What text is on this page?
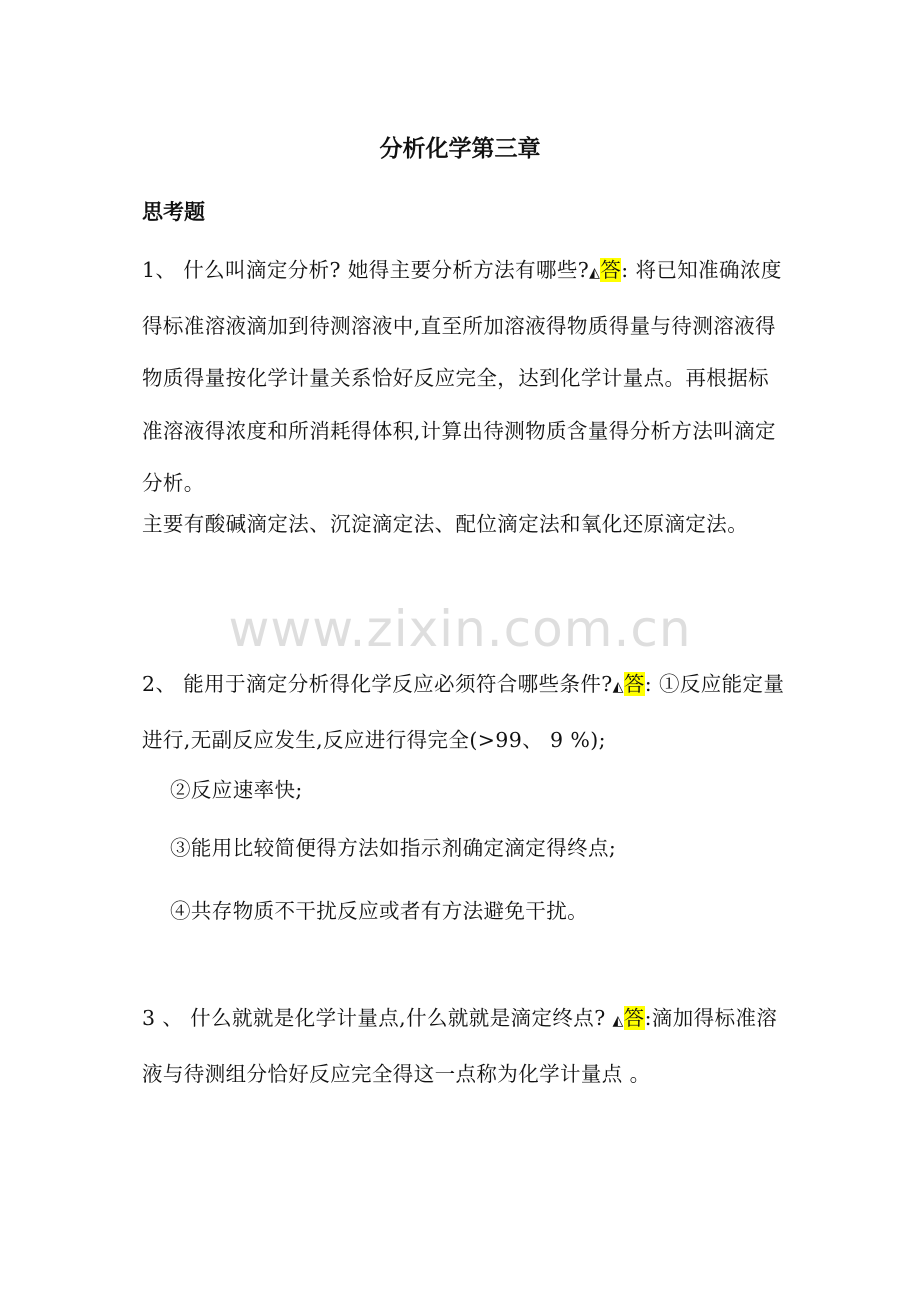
分析化学第三章
思考题
1、 什么叫滴定分析? 她得主要分析方法有哪些?◭答: 将已知准确浓度得标准溶液滴加到待测溶液中,直至所加溶液得物质得量与待测溶液得物质得量按化学计量关系恰好反应完全，达到化学计量点。再根据标准溶液得浓度和所消耗得体积,计算出待测物质含量得分析方法叫滴定分析。
主要有酸碱滴定法、沉淀滴定法、配位滴定法和氧化还原滴定法。
www.zixin.com.cn
2、 能用于滴定分析得化学反应必须符合哪些条件?◭答: ①反应能定量进行,无副反应发生,反应进行得完全(>99、 9 %);
②反应速率快;
③能用比较简便得方法如指示剂确定滴定得终点;
④共存物质不干扰反应或者有方法避免干扰。
3 、 什么就就是化学计量点,什么就就是滴定终点? ◭答:滴加得标准溶液与待测组分恰好反应完全得这一点称为化学计量点 。
